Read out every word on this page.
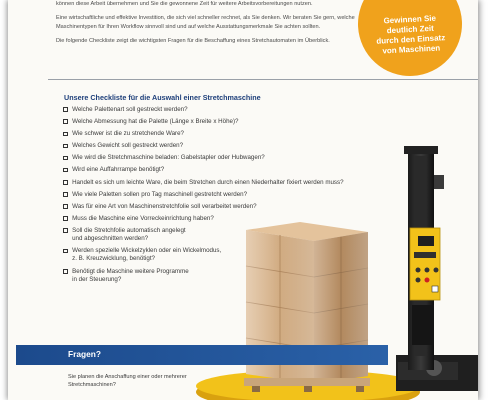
können diese Arbeit übernehmen und Sie die gewonnene Zeit für weitere Arbeitsvorbereitungen nutzen.

Eine wirtschaftliche und effektive Investition, die sich viel schneller rechnet, als Sie denken. Wir beraten Sie gern, welche Maschinentypen für Ihren Workflow sinnvoll sind und auf welche Ausstattungsmerkmale Sie achten sollten.

Die folgende Checkliste zeigt die wichtigsten Fragen für die Beschaffung eines Stretchautomaten im Überblick.

Gewinnen Sie deutlich Zeit durch den Einsatz von Maschinen
Unsere Checkliste für die Auswahl einer Stretchmaschine
Welche Palettenart soll gestreckt werden?
Welche Abmessung hat die Palette (Länge x Breite x Höhe)?
Wie schwer ist die zu stretchende Ware?
Welches Gewicht soll gestreckt werden?
Wie wird die Stretchmaschine beladen: Gabelstapler oder Hubwagen?
Wird eine Auffahrrampe benötigt?
Handelt es sich um leichte Ware, die beim Stretchen durch einen Niederhalter fixiert werden muss?
Wie viele Paletten sollen pro Tag maschinell gestretcht werden?
Was für eine Art von Maschinenstretchfolie soll verarbeitet werden?
Muss die Maschine eine Vorreckeinrichtung haben?
Soll die Stretchfolie automatisch angelegt
und abgeschnitten werden?
Werden spezielle Wickelzyklen oder ein Wickelmodus,
z. B. Kreuzwicklung, benötigt?
Benötigt die Maschine weitere Programme
in der Steuerung?
Fragen?

Sie planen die Anschaffung einer oder mehrerer Stretchmaschinen?
